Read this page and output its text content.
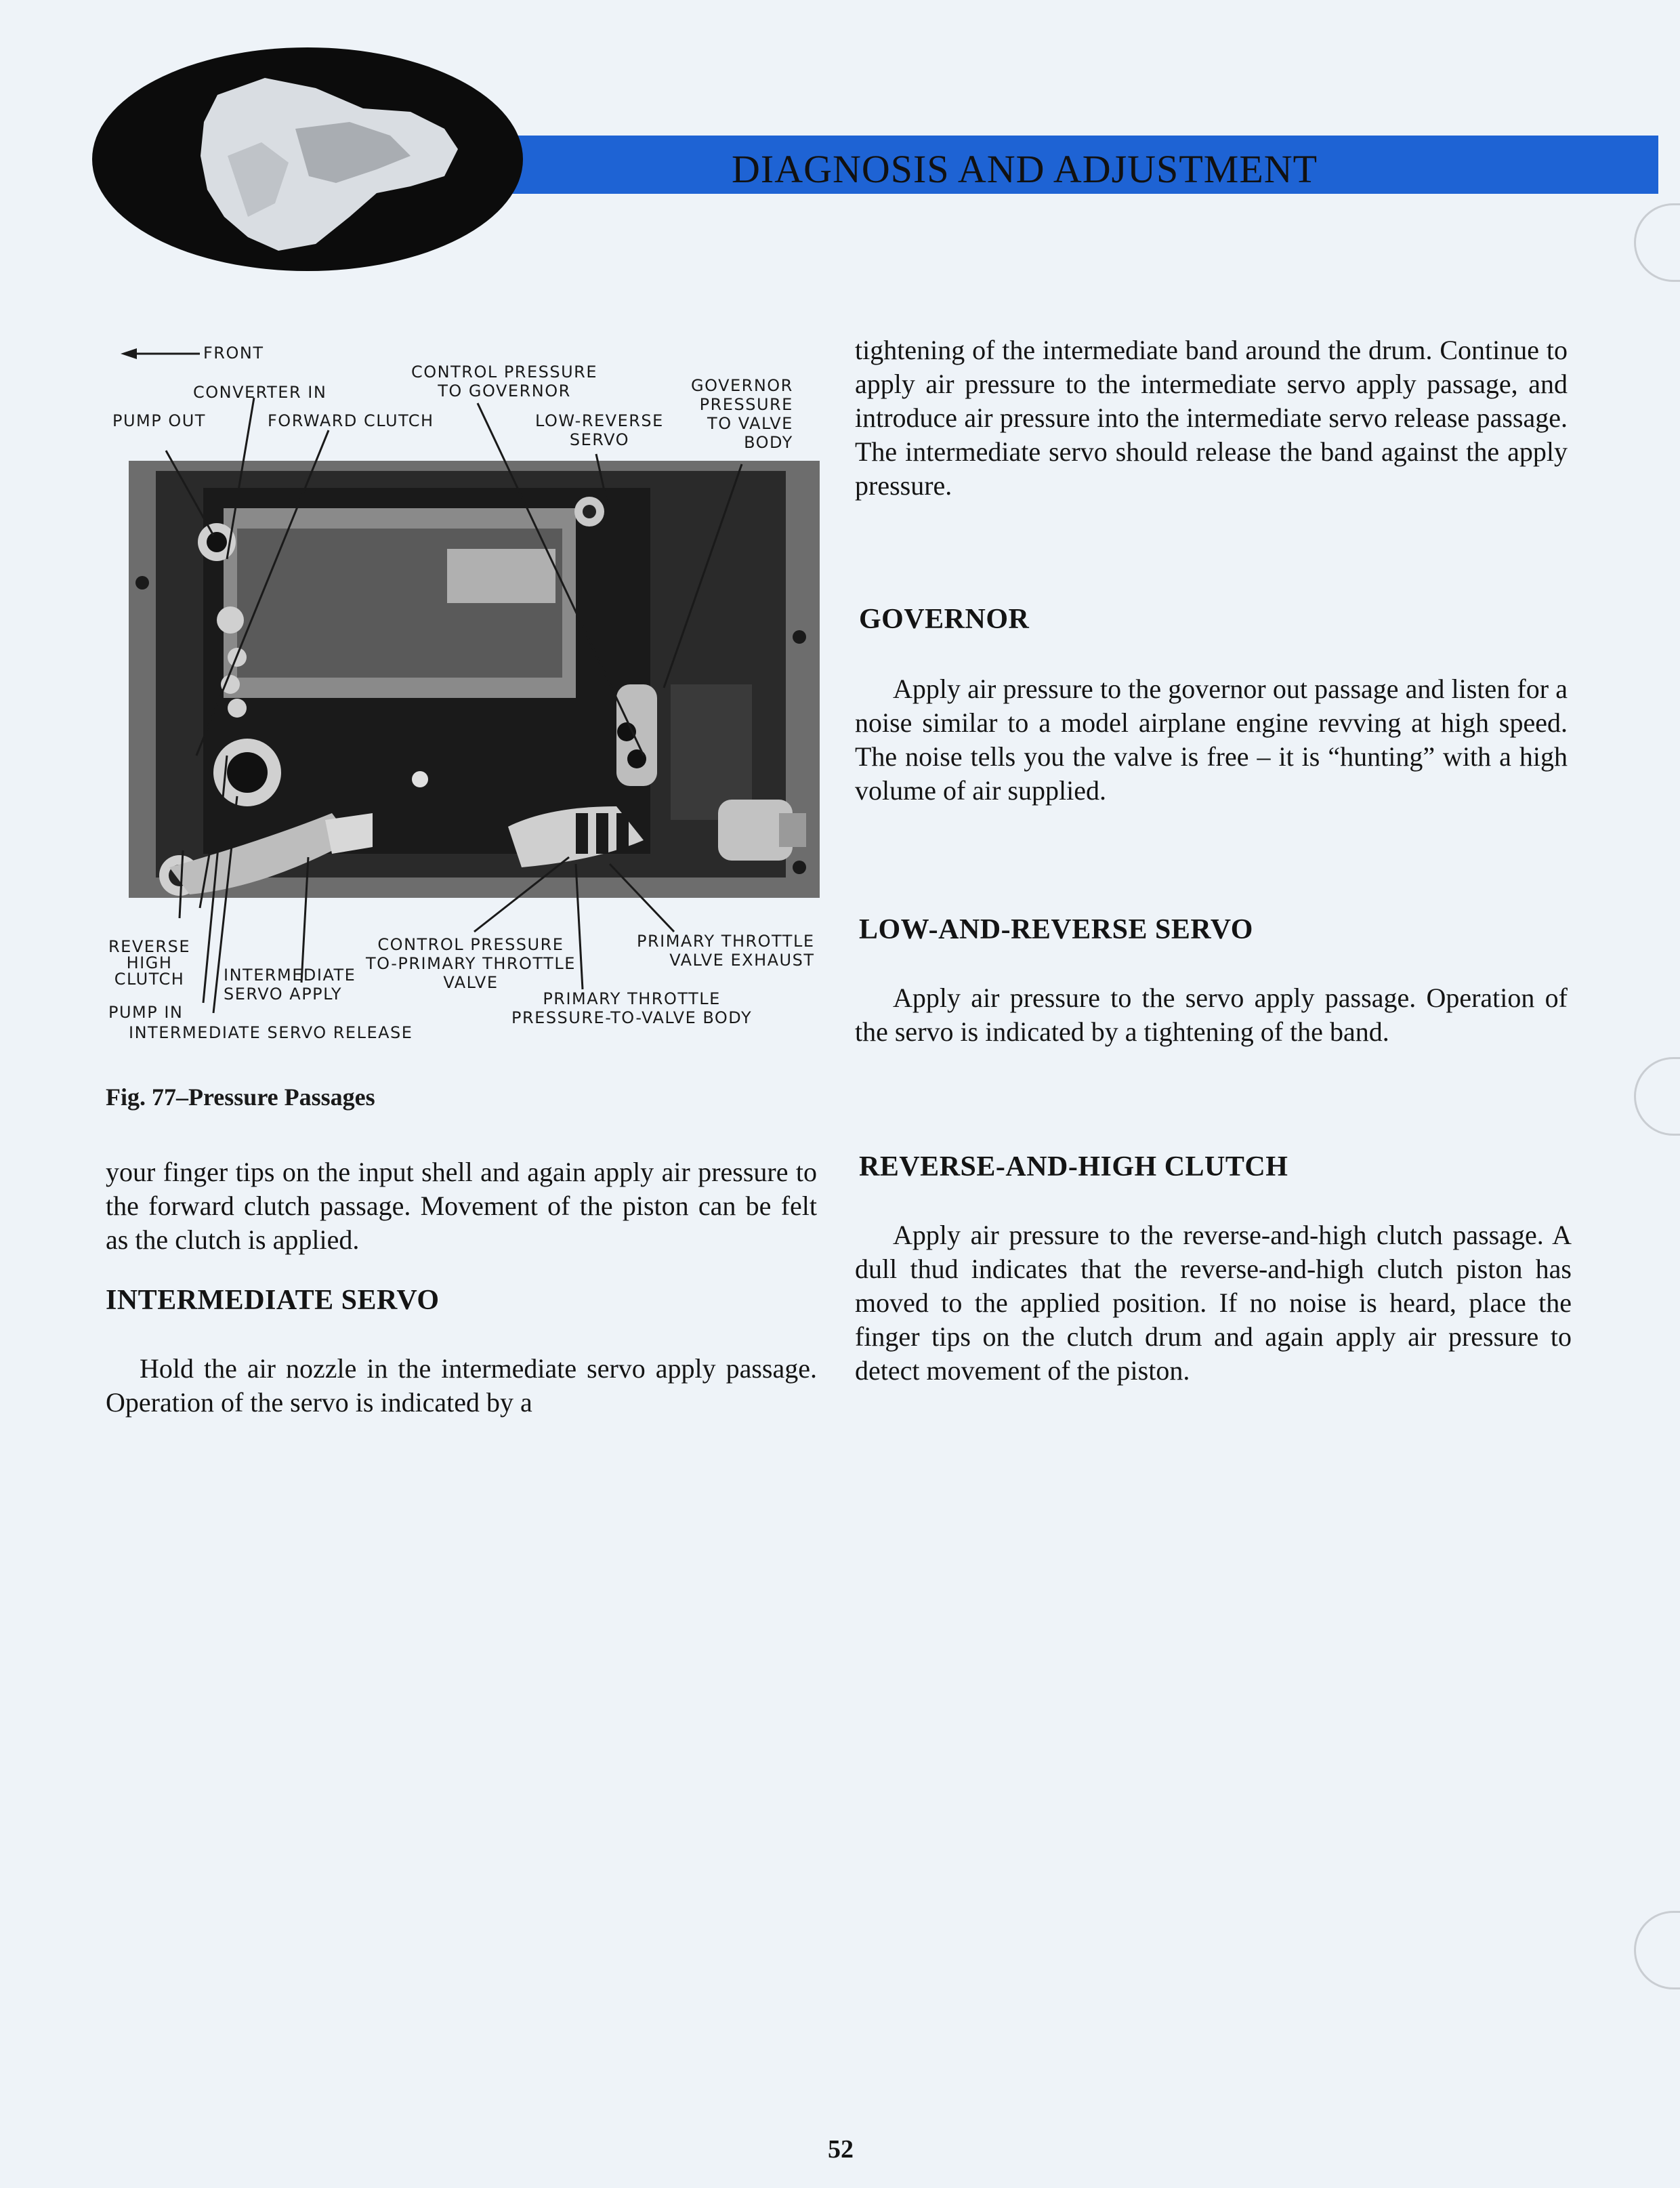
DIAGNOSIS AND ADJUSTMENT
FRONT
CONTROL PRESSURE
TO GOVERNOR
CONVERTER IN	GOVERNOR
PRESSURE
TO VALVE
BODY
PUMP OUT	FORWARD CLUTCH	LOW-REVERSE
SERVO
REVERSE
HIGH
CLUTCH	INTERMEDIATE
SERVO APPLY
CONTROL PRESSURE
TO-PRIMARY THROTTLE
VALVE
PRIMARY THROTTLE
VALVE EXHAUST
PRIMARY THROTTLE
PRESSURE-TO-VALVE BODY
PUMP IN
INTERMEDIATE SERVO RELEASE
Fig. 77–Pressure Passages

your finger tips on the input shell and again apply air pressure to the forward clutch passage. Movement of the piston can be felt as the clutch is applied.

INTERMEDIATE SERVO

Hold the air nozzle in the intermediate servo apply passage. Operation of the servo is indicated by a

tightening of the intermediate band around the drum. Continue to apply air pressure to the intermediate servo apply passage, and introduce air pressure into the intermediate servo release passage. The intermediate servo should release the band against the apply pressure.

GOVERNOR

Apply air pressure to the governor out passage and listen for a noise similar to a model airplane engine revving at high speed. The noise tells you the valve is free – it is “hunting” with a high volume of air supplied.

LOW-AND-REVERSE SERVO

Apply air pressure to the servo apply passage. Operation of the servo is indicated by a tightening of the band.

REVERSE-AND-HIGH CLUTCH

Apply air pressure to the reverse-and-high clutch passage. A dull thud indicates that the reverse-and-high clutch piston has moved to the applied position. If no noise is heard, place the finger tips on the clutch drum and again apply air pressure to detect movement of the piston.

52
